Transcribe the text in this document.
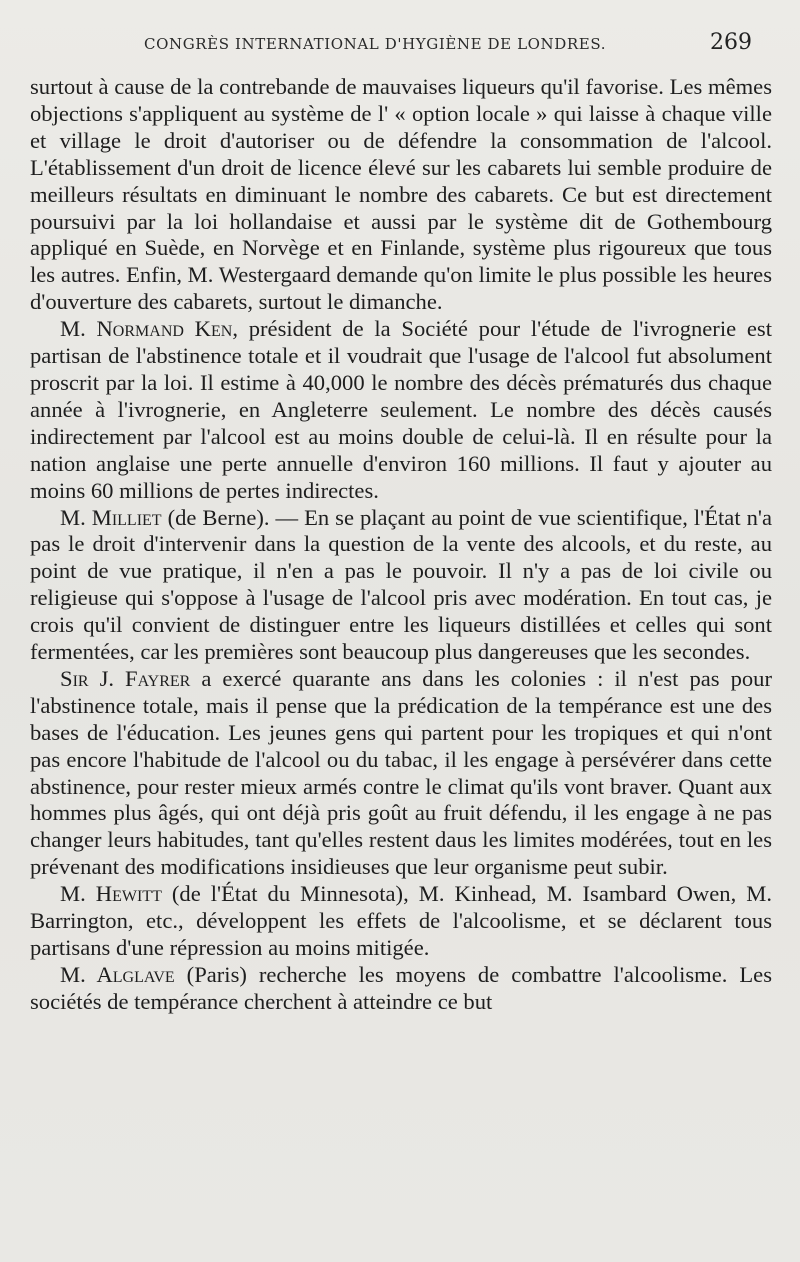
CONGRÈS INTERNATIONAL D'HYGIÈNE DE LONDRES.	269

surtout à cause de la contrebande de mauvaises liqueurs qu'il favorise. Les mêmes objections s'appliquent au système de l' « option locale » qui laisse à chaque ville et village le droit d'autoriser ou de défendre la consommation de l'alcool. L'établissement d'un droit de licence élevé sur les cabarets lui semble produire de meilleurs résultats en diminuant le nombre des cabarets. Ce but est directement poursuivi par la loi hollandaise et aussi par le système dit de Gothembourg appliqué en Suède, en Norvège et en Finlande, système plus rigoureux que tous les autres. Enfin, M. Westergaard demande qu'on limite le plus possible les heures d'ouverture des cabarets, surtout le dimanche.

M. Normand Ken, président de la Société pour l'étude de l'ivrognerie est partisan de l'abstinence totale et il voudrait que l'usage de l'alcool fut absolument proscrit par la loi. Il estime à 40,000 le nombre des décès prématurés dus chaque année à l'ivrognerie, en Angleterre seulement. Le nombre des décès causés indirectement par l'alcool est au moins double de celui-là. Il en résulte pour la nation anglaise une perte annuelle d'environ 160 millions. Il faut y ajouter au moins 60 millions de pertes indirectes.

M. Milliet (de Berne). — En se plaçant au point de vue scientifique, l'État n'a pas le droit d'intervenir dans la question de la vente des alcools, et du reste, au point de vue pratique, il n'en a pas le pouvoir. Il n'y a pas de loi civile ou religieuse qui s'oppose à l'usage de l'alcool pris avec modération. En tout cas, je crois qu'il convient de distinguer entre les liqueurs distillées et celles qui sont fermentées, car les premières sont beaucoup plus dangereuses que les secondes.

Sir J. Fayrer a exercé quarante ans dans les colonies : il n'est pas pour l'abstinence totale, mais il pense que la prédication de la tempérance est une des bases de l'éducation. Les jeunes gens qui partent pour les tropiques et qui n'ont pas encore l'habitude de l'alcool ou du tabac, il les engage à persévérer dans cette abstinence, pour rester mieux armés contre le climat qu'ils vont braver. Quant aux hommes plus âgés, qui ont déjà pris goût au fruit défendu, il les engage à ne pas changer leurs habitudes, tant qu'elles restent daus les limites modérées, tout en les prévenant des modifications insidieuses que leur organisme peut subir.

M. Hewitt (de l'État du Minnesota), M. Kinhead, M. Isambard Owen, M. Barrington, etc., développent les effets de l'alcoolisme, et se déclarent tous partisans d'une répression au moins mitigée.

M. Alglave (Paris) recherche les moyens de combattre l'alcoolisme. Les sociétés de tempérance cherchent à atteindre ce but
